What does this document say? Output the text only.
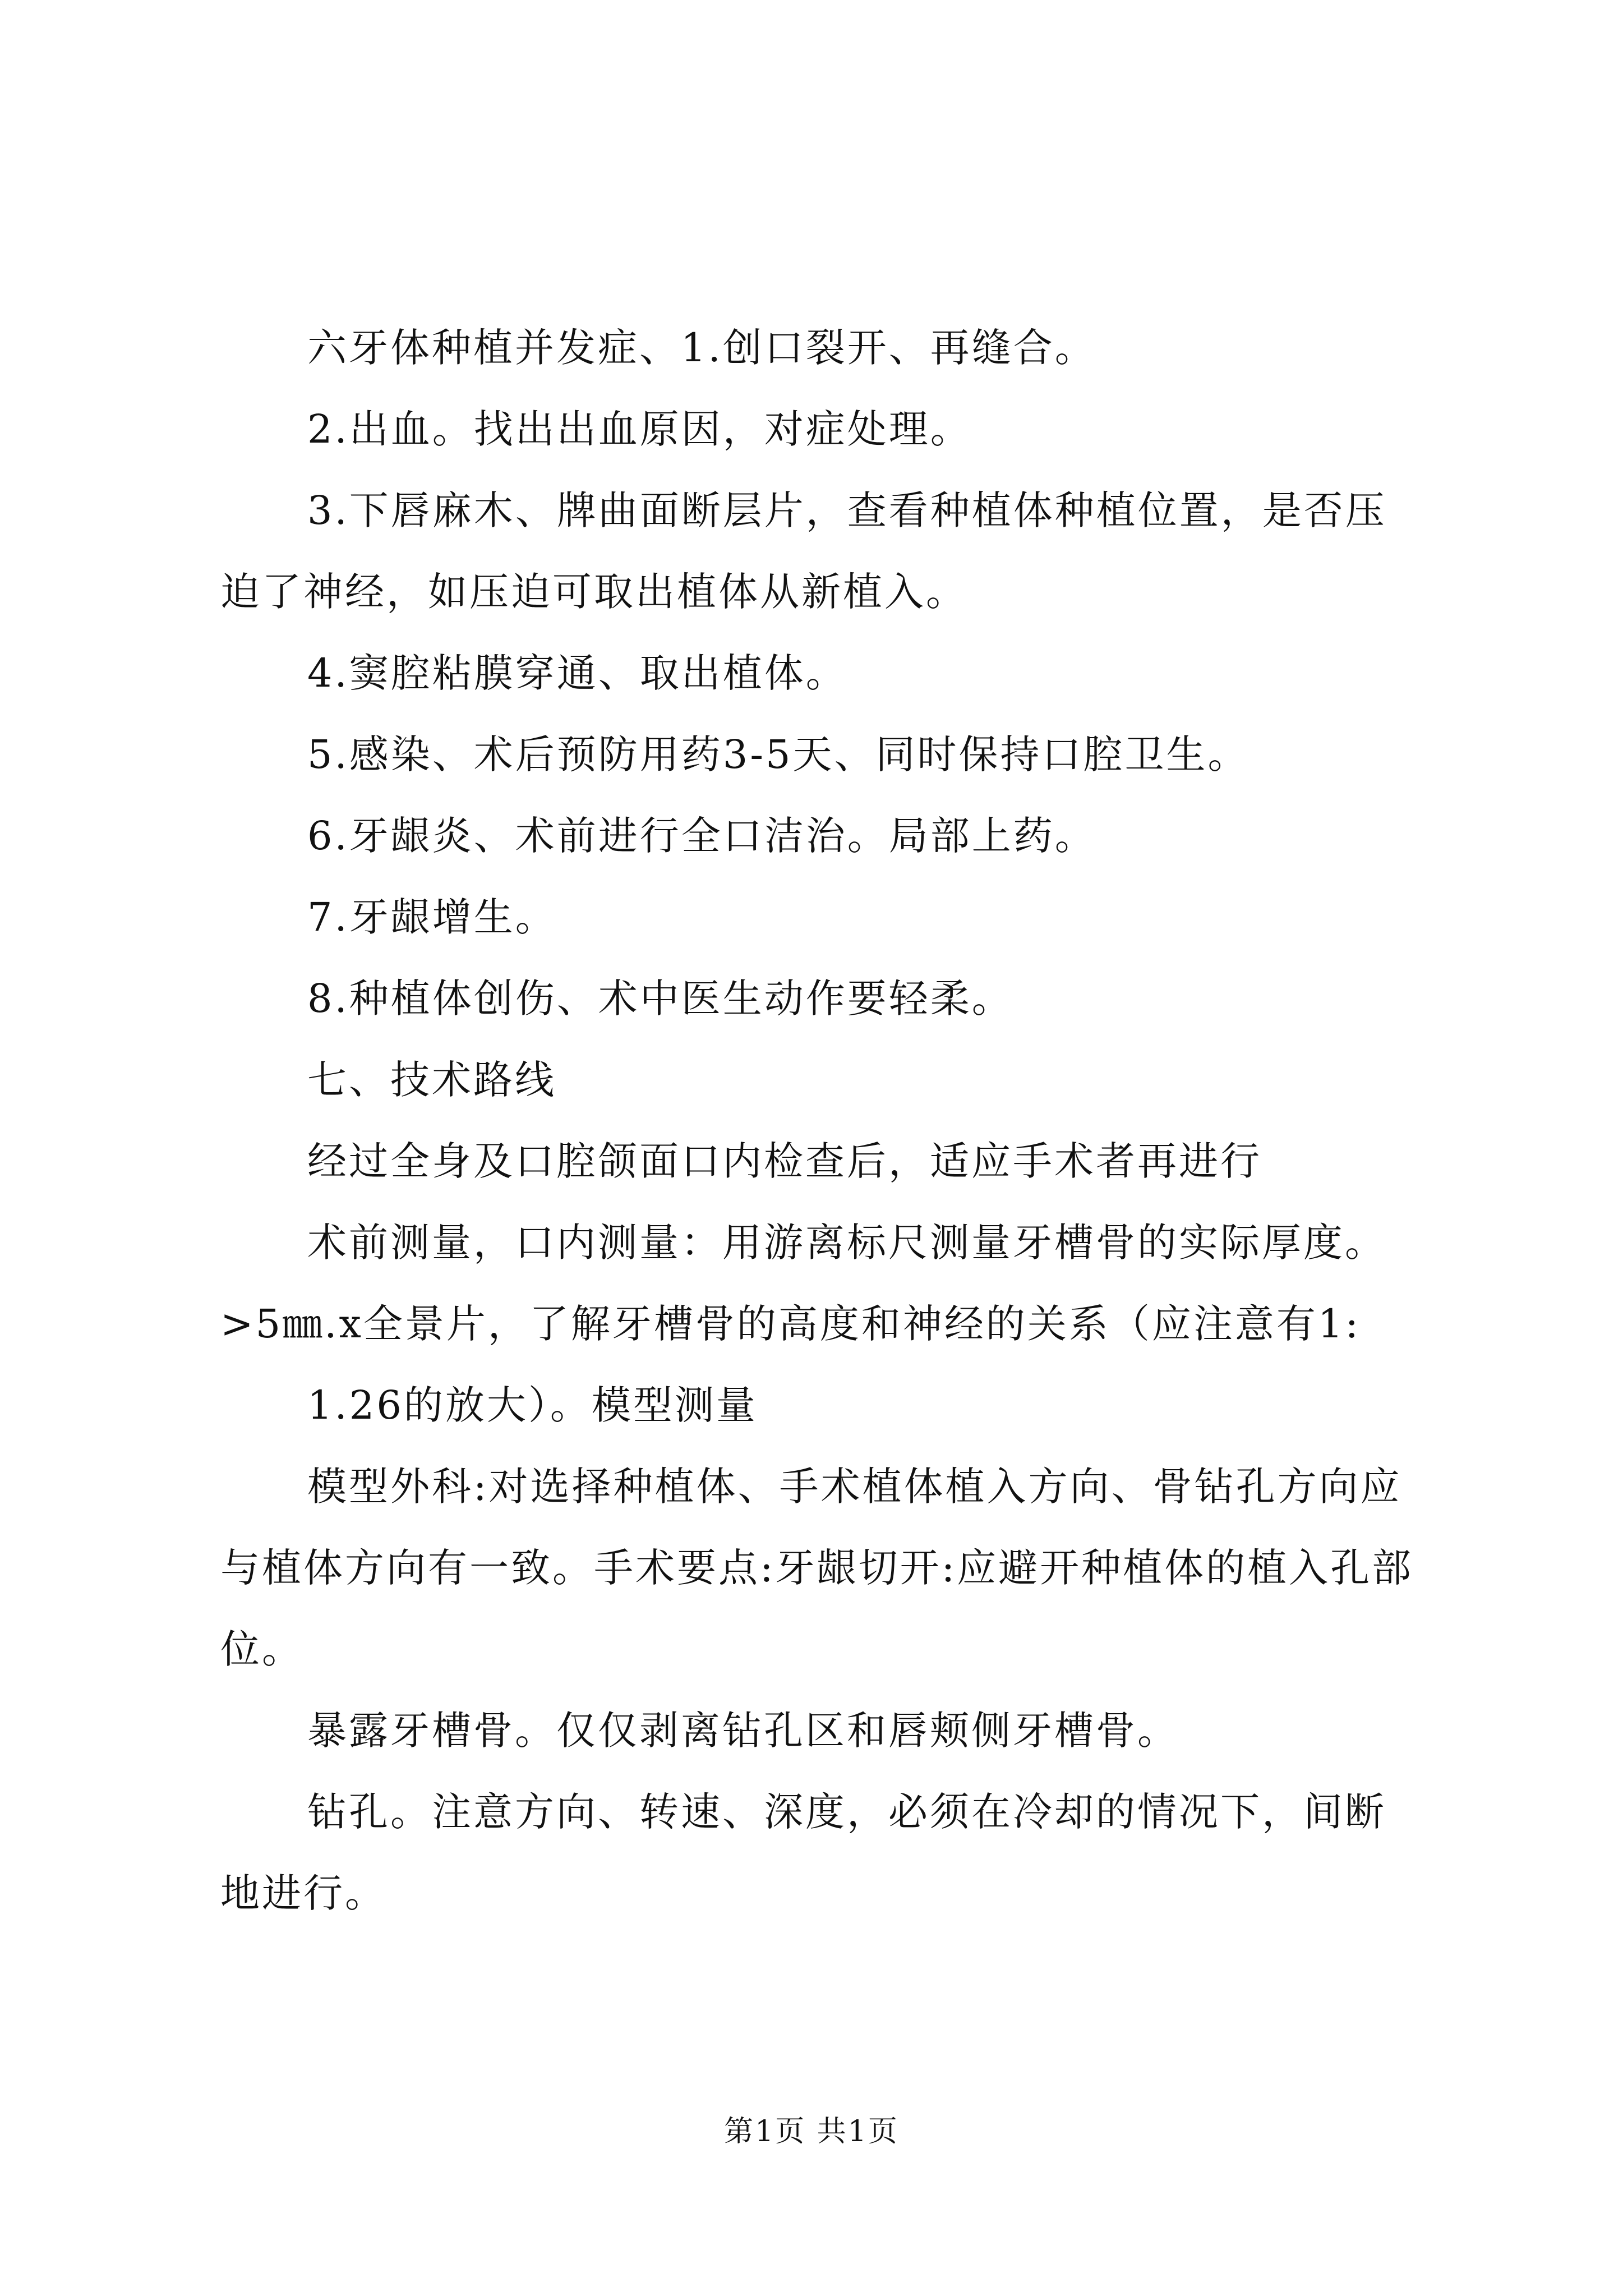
六牙体种植并发症、1.创口裂开、再缝合。

2.出血。找出出血原因，对症处理。

3.下唇麻木、牌曲面断层片，查看种植体种植位置，是否压迫了神经，如压迫可取出植体从新植入。

4.窦腔粘膜穿通、取出植体。

5.感染、术后预防用药3-5天、同时保持口腔卫生。

6.牙龈炎、术前进行全口洁治。局部上药。

7.牙龈增生。

8.种植体创伤、术中医生动作要轻柔。

七、技术路线

经过全身及口腔颌面口内检查后，适应手术者再进行

术前测量，口内测量：用游离标尺测量牙槽骨的实际厚度。>5㎜.x全景片，了解牙槽骨的高度和神经的关系（应注意有1:

1.26的放大）。模型测量

模型外科:对选择种植体、手术植体植入方向、骨钻孔方向应与植体方向有一致。手术要点:牙龈切开:应避开种植体的植入孔部位。

暴露牙槽骨。仅仅剥离钻孔区和唇颊侧牙槽骨。

钻孔。注意方向、转速、深度，必须在冷却的情况下，间断地进行。

第1页 共1页
